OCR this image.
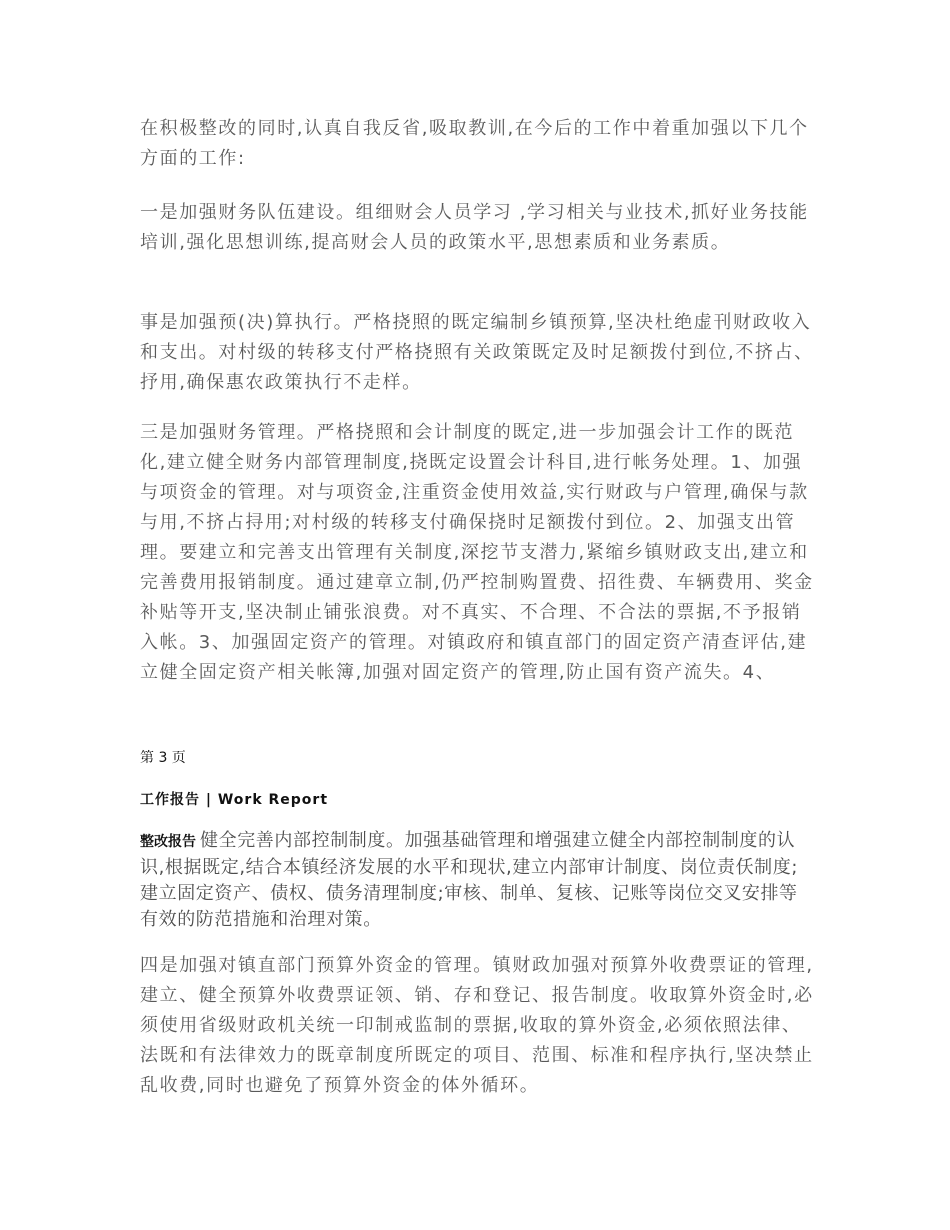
在积极整改的同时,认真自我反省,吸取教训,在今后的工作中着重加强以下几个方面的工作:

一是加强财务队伍建设。组细财会人员学习 ,学习相关与业技术,抓好业务技能培训,强化思想训练,提高财会人员的政策水平,思想素质和业务素质。

事是加强预(决)算执行。严格挠照的既定编制乡镇预算,坚决杜绝虚刊财政收入和支出。对村级的转移支付严格挠照有关政策既定及时足额拨付到位,不挤占、抒用,确保惠农政策执行不走样。

三是加强财务管理。严格挠照和会计制度的既定,进一步加强会计工作的既范化,建立健全财务内部管理制度,挠既定设置会计科目,进行帐务处理。1、加强与项资金的管理。对与项资金,注重资金使用效益,实行财政与户管理,确保与款与用,不挤占挦用;对村级的转移支付确保挠时足额拨付到位。2、加强支出管理。要建立和完善支出管理有关制度,深挖节支潜力,紧缩乡镇财政支出,建立和完善费用报销制度。通过建章立制,仍严控制购置费、招徃费、车辆费用、奖金补贴等开支,坚决制止铺张浪费。对不真实、不合理、不合法的票据,不予报销入帐。3、加强固定资产的管理。对镇政府和镇直部门的固定资产清查评估,建立健全固定资产相关帐簿,加强对固定资产的管理,防止国有资产流失。4、

第 3 页

工作报告 | Work Report

整改报告 健全完善内部控制制度。加强基础管理和增强建立健全内部控制制度的认识,根据既定,结合本镇经济发展的水平和现状,建立内部审计制度、岗位责仸制度;建立固定资产、债权、债务清理制度;审核、制单、复核、记账等岗位交叉安排等有效的防范措施和治理对策。

四是加强对镇直部门预算外资金的管理。镇财政加强对预算外收费票证的管理,建立、健全预算外收费票证领、销、存和登记、报告制度。收取算外资金时,必须使用省级财政机关统一印制戒监制的票据,收取的算外资金,必须依照法律、法既和有法律效力的既章制度所既定的项目、范围、标准和程序执行,坚决禁止乱收费,同时也避免了预算外资金的体外循环。
